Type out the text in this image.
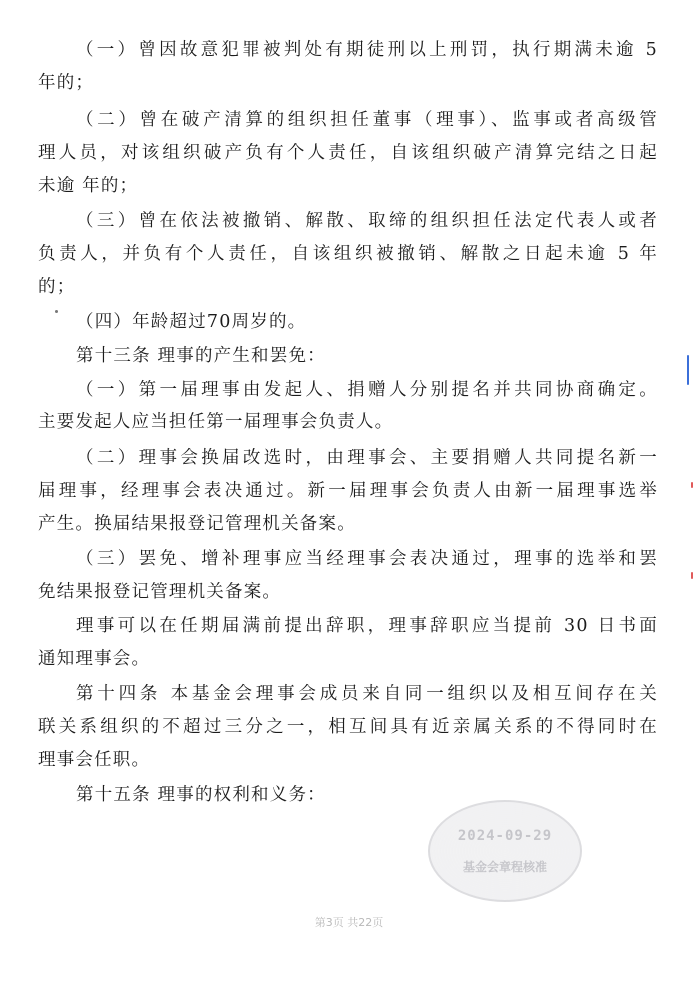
（一）曾因故意犯罪被判处有期徒刑以上刑罚，执行期满未逾 5
年的；
（二）曾在破产清算的组织担任董事（理事）、监事或者高级管
理人员，对该组织破产负有个人责任，自该组织破产清算完结之日起
未逾 年的；
（三）曾在依法被撤销、解散、取缔的组织担任法定代表人或者
负责人，并负有个人责任，自该组织被撤销、解散之日起未逾 5 年
的；
（四）年龄超过70周岁的。
第十三条 理事的产生和罢免：
（一）第一届理事由发起人、捐赠人分别提名并共同协商确定。
主要发起人应当担任第一届理事会负责人。
（二）理事会换届改选时，由理事会、主要捐赠人共同提名新一
届理事，经理事会表决通过。新一届理事会负责人由新一届理事选举
产生。换届结果报登记管理机关备案。
（三）罢免、增补理事应当经理事会表决通过，理事的选举和罢
免结果报登记管理机关备案。
理事可以在任期届满前提出辞职，理事辞职应当提前 30 日书面
通知理事会。
第十四条 本基金会理事会成员来自同一组织以及相互间存在关
联关系组织的不超过三分之一，相互间具有近亲属关系的不得同时在
理事会任职。
第十五条 理事的权利和义务：
2024-09-29
基金会章程核准
第3页 共22页
